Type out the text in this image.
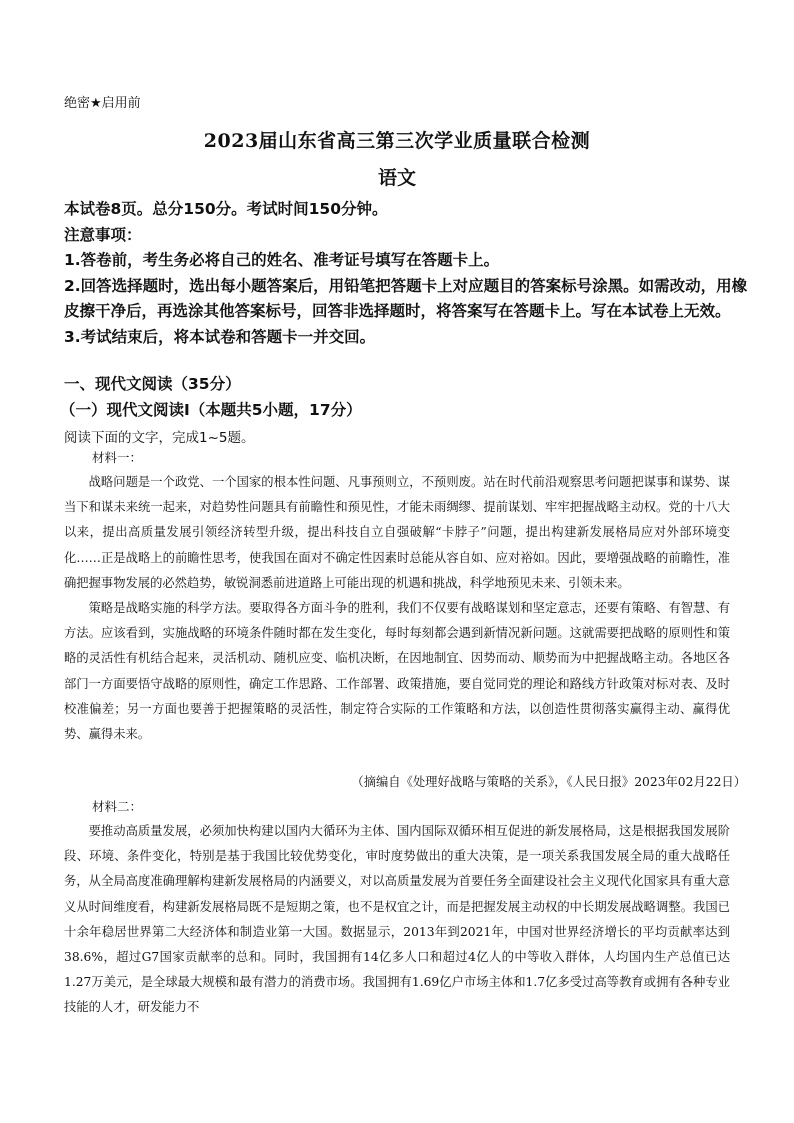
绝密★启用前
2023届山东省高三第三次学业质量联合检测
语文
本试卷8页。总分150分。考试时间150分钟。
注意事项：
1.答卷前，考生务必将自己的姓名、准考证号填写在答题卡上。
2.回答选择题时，选出每小题答案后，用铅笔把答题卡上对应题目的答案标号涂黑。如需改动，用橡皮擦干净后，再选涂其他答案标号，回答非选择题时，将答案写在答题卡上。写在本试卷上无效。
3.考试结束后，将本试卷和答题卡一并交回。
一、现代文阅读（35分）
（一）现代文阅读Ⅰ（本题共5小题，17分）
阅读下面的文字，完成1~5题。
材料一：

战略问题是一个政党、一个国家的根本性问题、凡事预则立，不预则废。站在时代前沿观察思考问题把谋事和谋势、谋当下和谋未来统一起来，对趋势性问题具有前瞻性和预见性，才能未雨绸缪、提前谋划、牢牢把握战略主动权。党的十八大以来，提出高质量发展引领经济转型升级，提出科技自立自强破解“卡脖子”问题，提出构建新发展格局应对外部环境变化……正是战略上的前瞻性思考，使我国在面对不确定性因素时总能从容自如、应对裕如。因此，要增强战略的前瞻性，准确把握事物发展的必然趋势，敏锐洞悉前进道路上可能出现的机遇和挑战，科学地预见未来、引领未来。

策略是战略实施的科学方法。要取得各方面斗争的胜利，我们不仅要有战略谋划和坚定意志，还要有策略、有智慧、有方法。应该看到，实施战略的环境条件随时都在发生变化，每时每刻都会遇到新情况新问题。这就需要把战略的原则性和策略的灵活性有机结合起来，灵活机动、随机应变、临机决断，在因地制宜、因势而动、顺势而为中把握战略主动。各地区各部门一方面要悟守战略的原则性，确定工作思路、工作部署、政策措施，要自觉同党的理论和路线方针政策对标对表、及时校准偏差；另一方面也要善于把握策略的灵活性，制定符合实际的工作策略和方法，以创造性贯彻落实赢得主动、赢得优势、赢得未来。

（摘编自《处理好战略与策略的关系》，《人民日报》2023年02月22日）
材料二：

要推动高质量发展，必须加快构建以国内大循环为主体、国内国际双循环相互促进的新发展格局，这是根据我国发展阶段、环境、条件变化，特别是基于我国比较优势变化，审时度势做出的重大决策，是一项关系我国发展全局的重大战略任务，从全局高度准确理解构建新发展格局的内涵要义，对以高质量发展为首要任务全面建设社会主义现代化国家具有重大意义从时间维度看，构建新发展格局既不是短期之策，也不是权宜之计，而是把握发展主动权的中长期发展战略调整。我国已十余年稳居世界第二大经济体和制造业第一大国。数据显示，2013年到2021年，中国对世界经济增长的平均贡献率达到38.6%，超过G7国家贡献率的总和。同时，我国拥有14亿多人口和超过4亿人的中等收入群体，人均国内生产总值已达1.27万美元，是全球最大规模和最有潜力的消费市场。我国拥有1.69亿户市场主体和1.7亿多受过高等教育或拥有各种专业技能的人才，研发能力不
